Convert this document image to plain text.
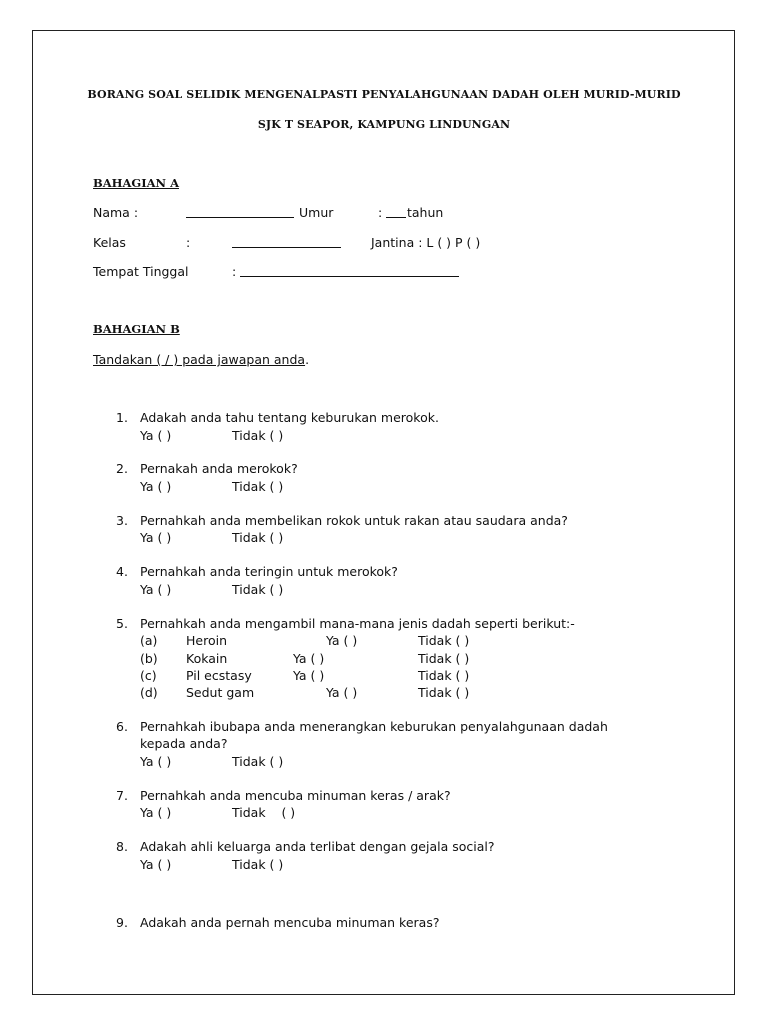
BORANG SOAL SELIDIK MENGENALPASTI PENYALAHGUNAAN DADAH OLEH MURID-MURID
SJK T SEAPOR, KAMPUNG LINDUNGAN
BAHAGIAN A
Nama :	Umur	: tahun
Kelas	:	Jantina : L ( ) P ( )
Tempat Tinggal	:
BAHAGIAN B
Tandakan ( / ) pada jawapan anda.
1. Adakah anda tahu tentang keburukan merokok.
Ya ( )	Tidak ( )
2. Pernakah anda merokok?
Ya ( )	Tidak ( )
3. Pernahkah anda membelikan rokok untuk rakan atau saudara anda?
Ya ( )	Tidak ( )
4. Pernahkah anda teringin untuk merokok?
Ya ( )	Tidak ( )
5. Pernahkah anda mengambil mana-mana jenis dadah seperti berikut:-
(a) Heroin	Ya ( )	Tidak ( )
(b) Kokain	Ya ( )	Tidak ( )
(c) Pil ecstasy	Ya ( )	Tidak ( )
(d) Sedut gam	Ya ( )	Tidak ( )
6. Pernahkah ibubapa anda menerangkan keburukan penyalahgunaan dadah
kepada anda?
Ya ( )	Tidak ( )
7. Pernahkah anda mencuba minuman keras / arak?
Ya ( )	Tidak    ( )
8. Adakah ahli keluarga anda terlibat dengan gejala social?
Ya ( )	Tidak ( )
9. Adakah anda pernah mencuba minuman keras?
